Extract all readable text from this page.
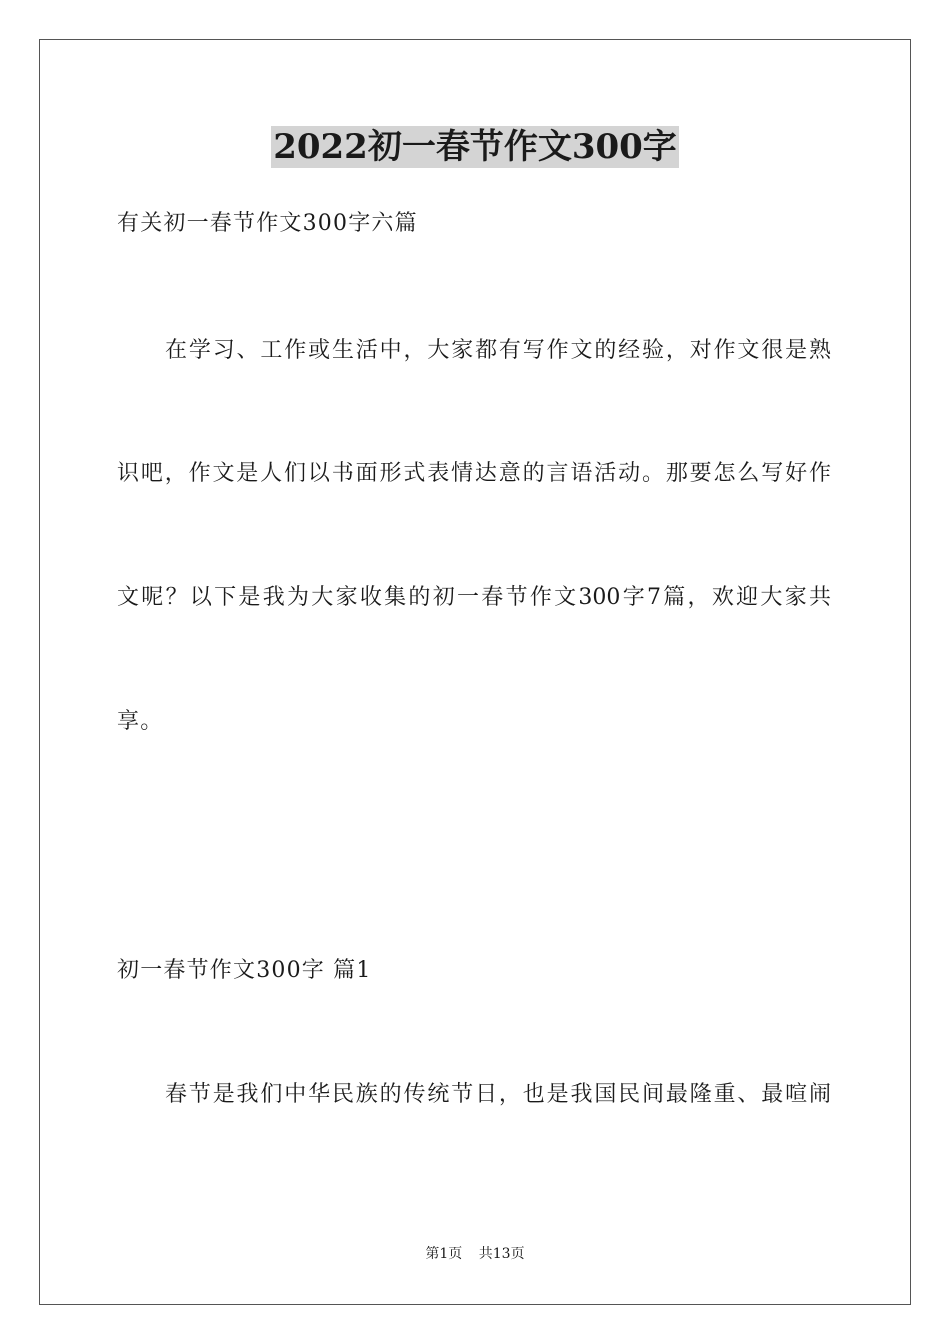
2022初一春节作文300字
有关初一春节作文300字六篇
在学习、工作或生活中，大家都有写作文的经验，对作文很是熟
识吧，作文是人们以书面形式表情达意的言语活动。那要怎么写好作
文呢？以下是我为大家收集的初一春节作文300字7篇，欢迎大家共
享。
初一春节作文300字 篇1
春节是我们中华民族的传统节日，也是我国民间最隆重、最喧闹
第1页 共13页
